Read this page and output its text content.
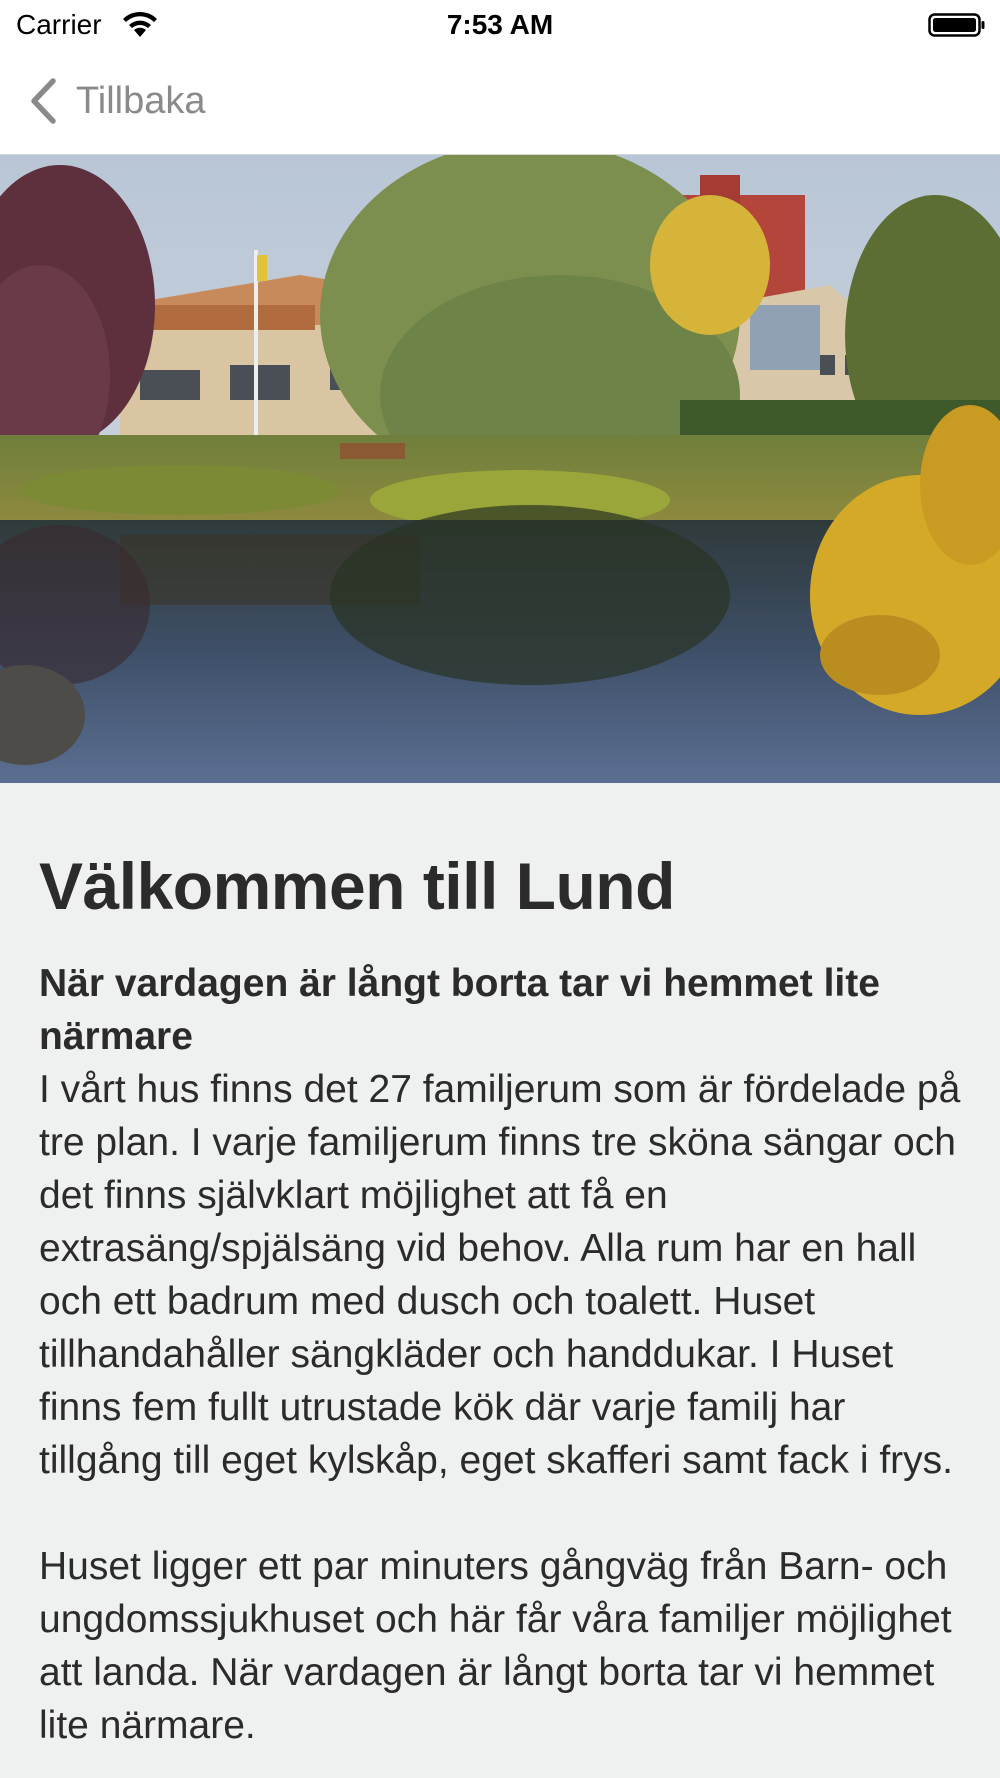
Carrier	7:53 AM
Tillbaka
Välkommen till Lund

När vardagen är långt borta tar vi hemmet lite närmare

I vårt hus finns det 27 familjerum som är fördelade på tre plan. I varje familjerum finns tre sköna sängar och det finns självklart möjlighet att få en extrasäng/spjälsäng vid behov. Alla rum har en hall och ett badrum med dusch och toalett. Huset tillhandahåller sängkläder och handdukar. I Huset finns fem fullt utrustade kök där varje familj har tillgång till eget kylskåp, eget skafferi samt fack i frys.

Huset ligger ett par minuters gångväg från Barn- och ungdomssjukhuset och här får våra familjer möjlighet att landa. När vardagen är långt borta tar vi hemmet lite närmare.
